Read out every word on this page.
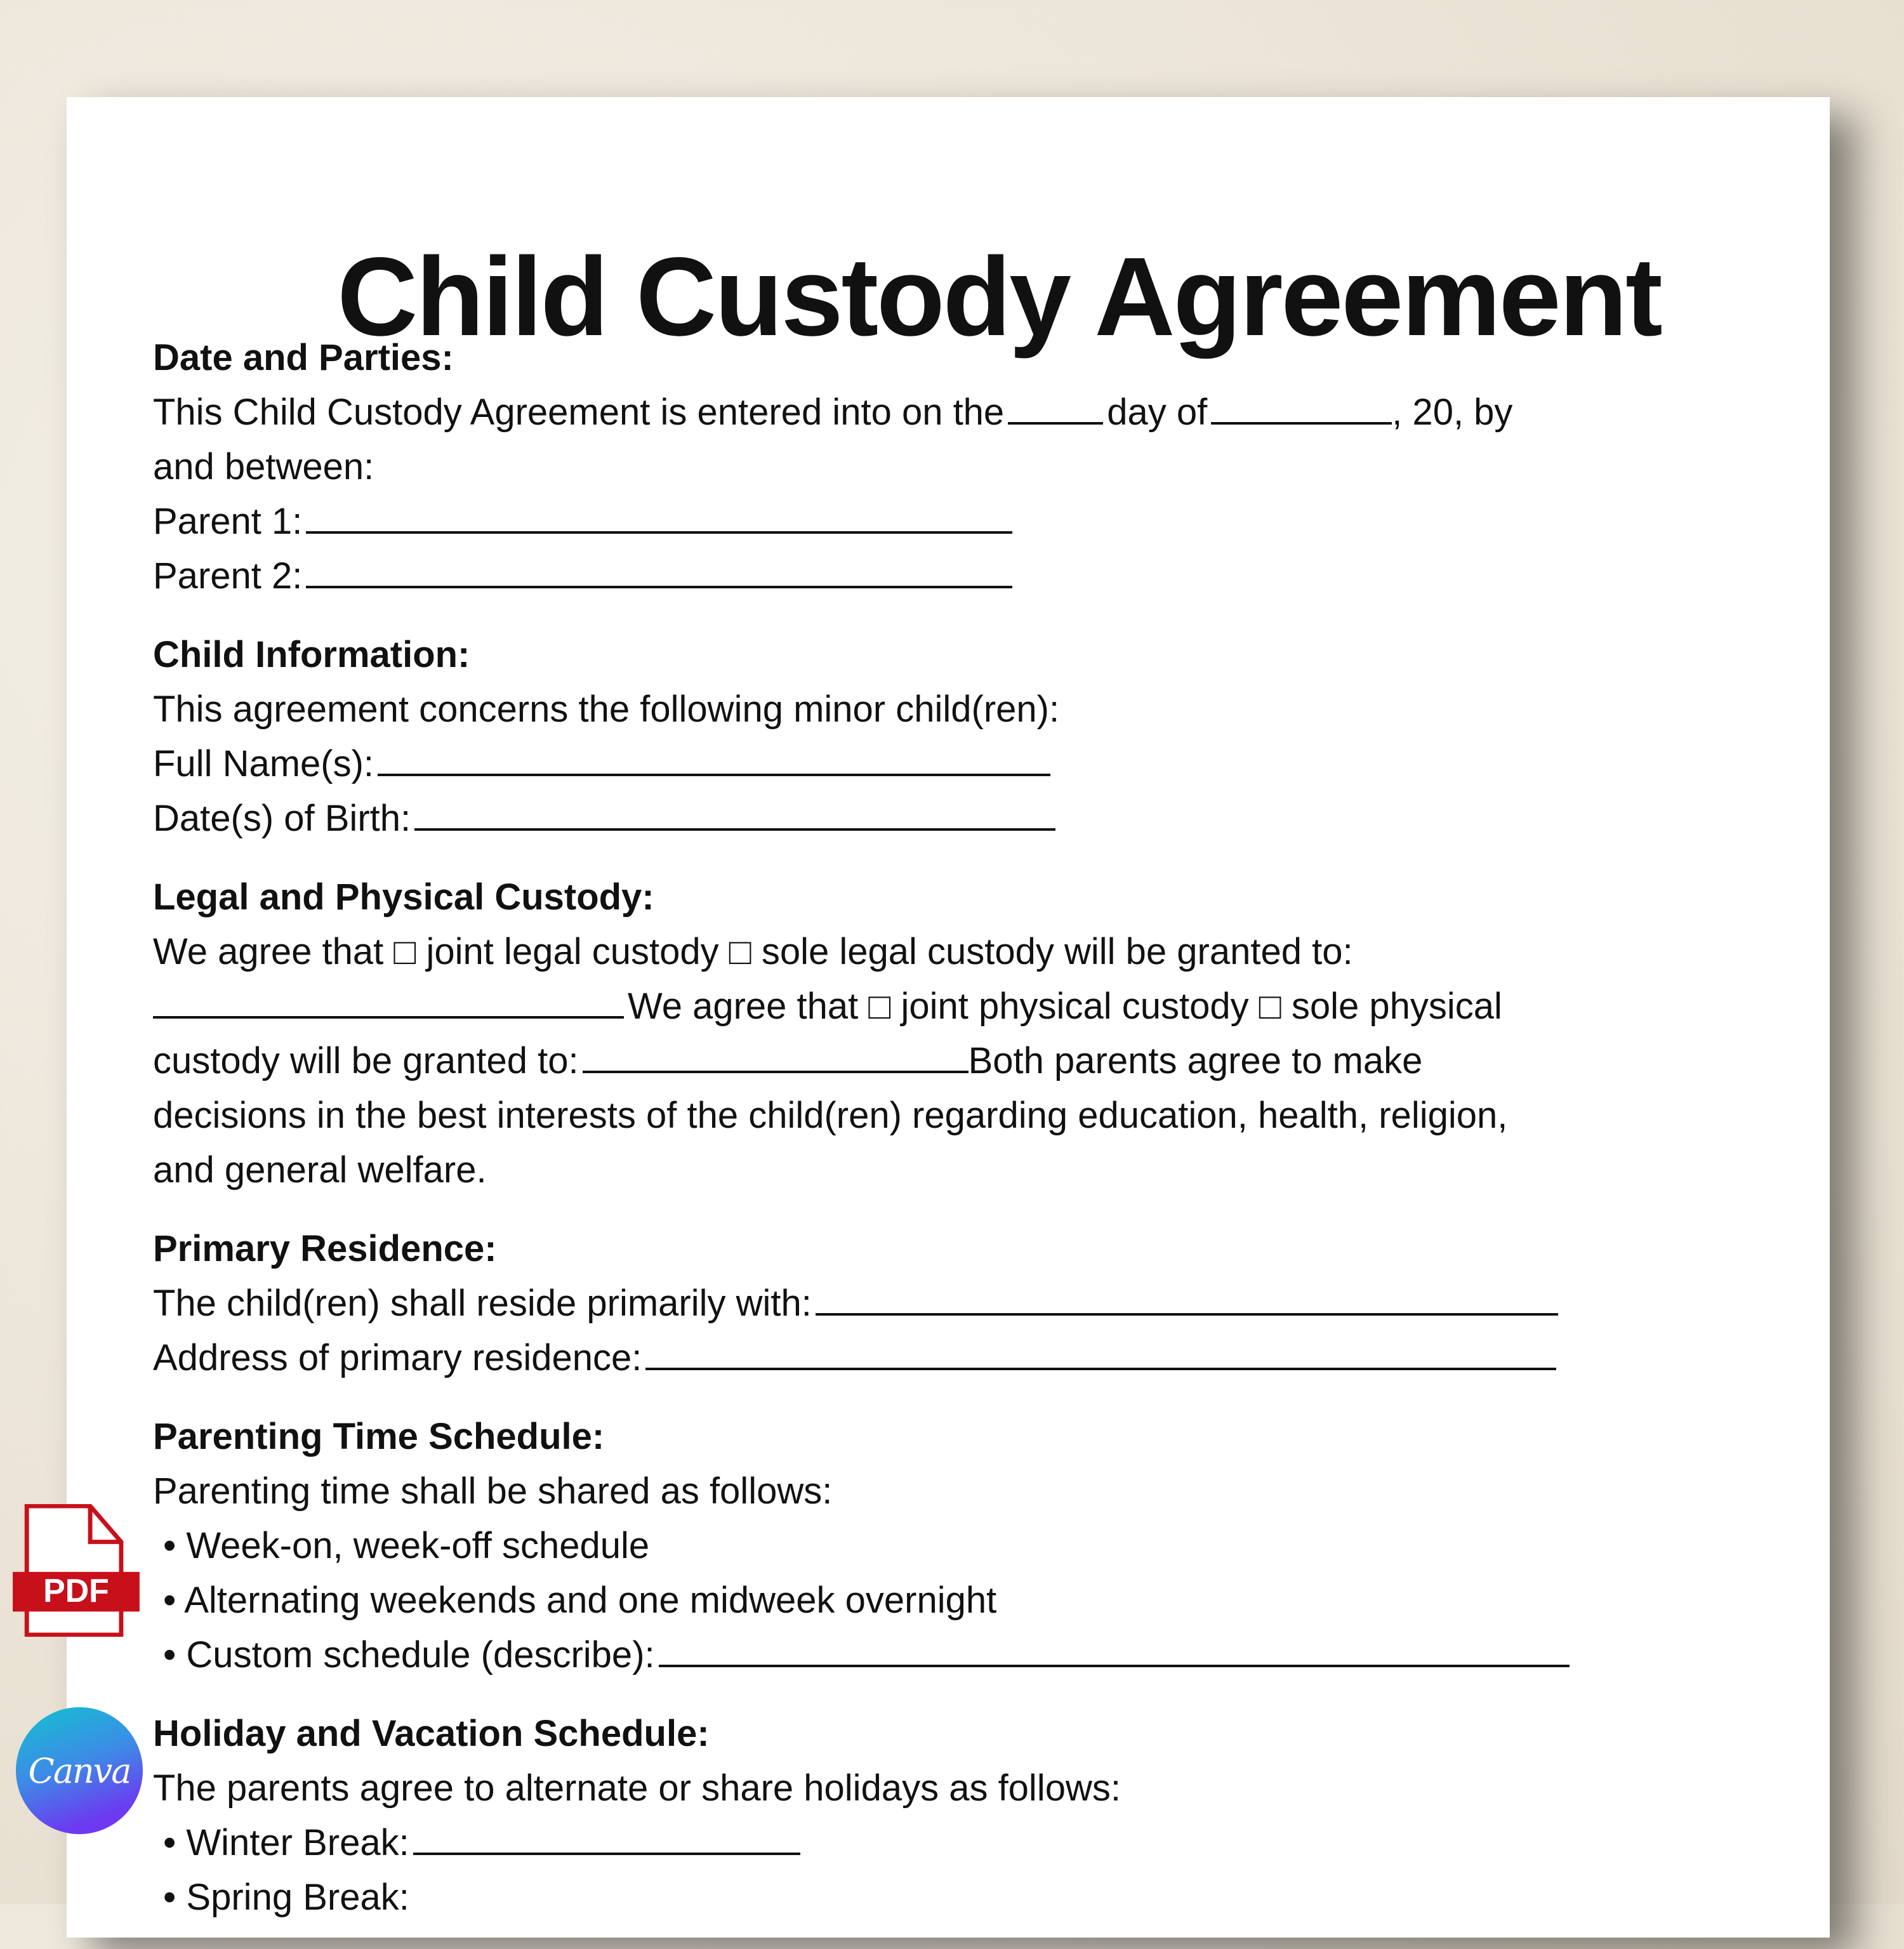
Child Custody Agreement
Date and Parties:
This Child Custody Agreement is entered into on the	day of	, 20, by
and between:
Parent 1:
Parent 2:
Child Information:
This agreement concerns the following minor child(ren):
Full Name(s):
Date(s) of Birth:
Legal and Physical Custody:
We agree that □ joint legal custody □ sole legal custody will be granted to:
We agree that □ joint physical custody □ sole physical
custody will be granted to:	Both parents agree to make
decisions in the best interests of the child(ren) regarding education, health, religion,
and general welfare.
Primary Residence:
The child(ren) shall reside primarily with:
Address of primary residence:
Parenting Time Schedule:
Parenting time shall be shared as follows:
• Week-on, week-off schedule
• Alternating weekends and one midweek overnight
• Custom schedule (describe):
Holiday and Vacation Schedule:
The parents agree to alternate or share holidays as follows:
• Winter Break:
• Spring Break:
PDF
Canva
